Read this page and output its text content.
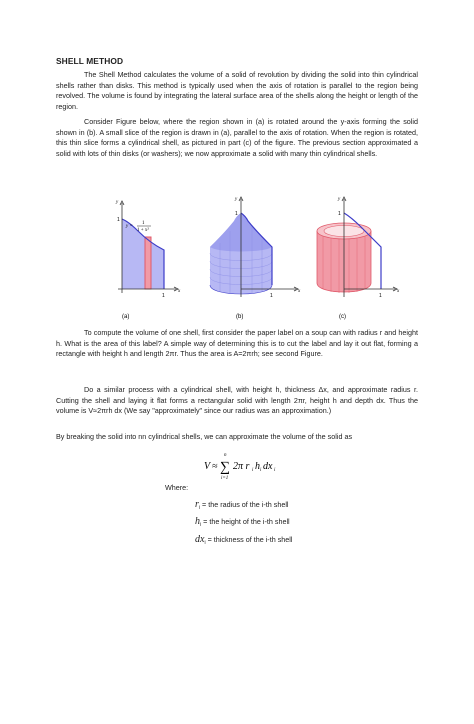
SHELL METHOD

The Shell Method calculates the volume of a solid of revolution by dividing the solid into thin cylindrical shells rather than disks. This method is typically used when the axis of rotation is parallel to the region being revolved. The volume is found by integrating the lateral surface area of the shells along the height or length of the region.

Consider Figure below, where the region shown in (a) is rotated around the y-axis forming the solid shown in (b). A small slice of the region is drawn in (a), parallel to the axis of rotation. When the region is rotated, this thin slice forms a cylindrical shell, as pictured in part (c) of the figure. The previous section approximated a solid with lots of thin disks (or washers); we now approximate a solid with many thin cylindrical shells.

y
x
1
1
y =
1
1 + x²
(a)
y
x
1
1
(b)
y
x
1
1
(c)

To compute the volume of one shell, first consider the paper label on a soup can with radius r and height h. What is the area of this label? A simple way of determining this is to cut the label and lay it out flat, forming a rectangle with height h and length 2πr. Thus the area is A=2πrh; see second Figure.

Do a similar process with a cylindrical shell, with height h, thickness Δx, and approximate radius r. Cutting the shell and laying it flat forms a rectangular solid with length 2πr, height h and depth dx. Thus the volume is V≈2πrh dx (We say "approximately" since our radius was an approximation.)

By breaking the solid into nn cylindrical shells, we can approximate the volume of the solid as

V ≈
n
∑
i=1
2π r i h i dx i
Where:
$r_i$ = the radius of the i-th shell
$h_i$ = the height of the i-th shell
$dx_i$ = thickness of the i-th shell
